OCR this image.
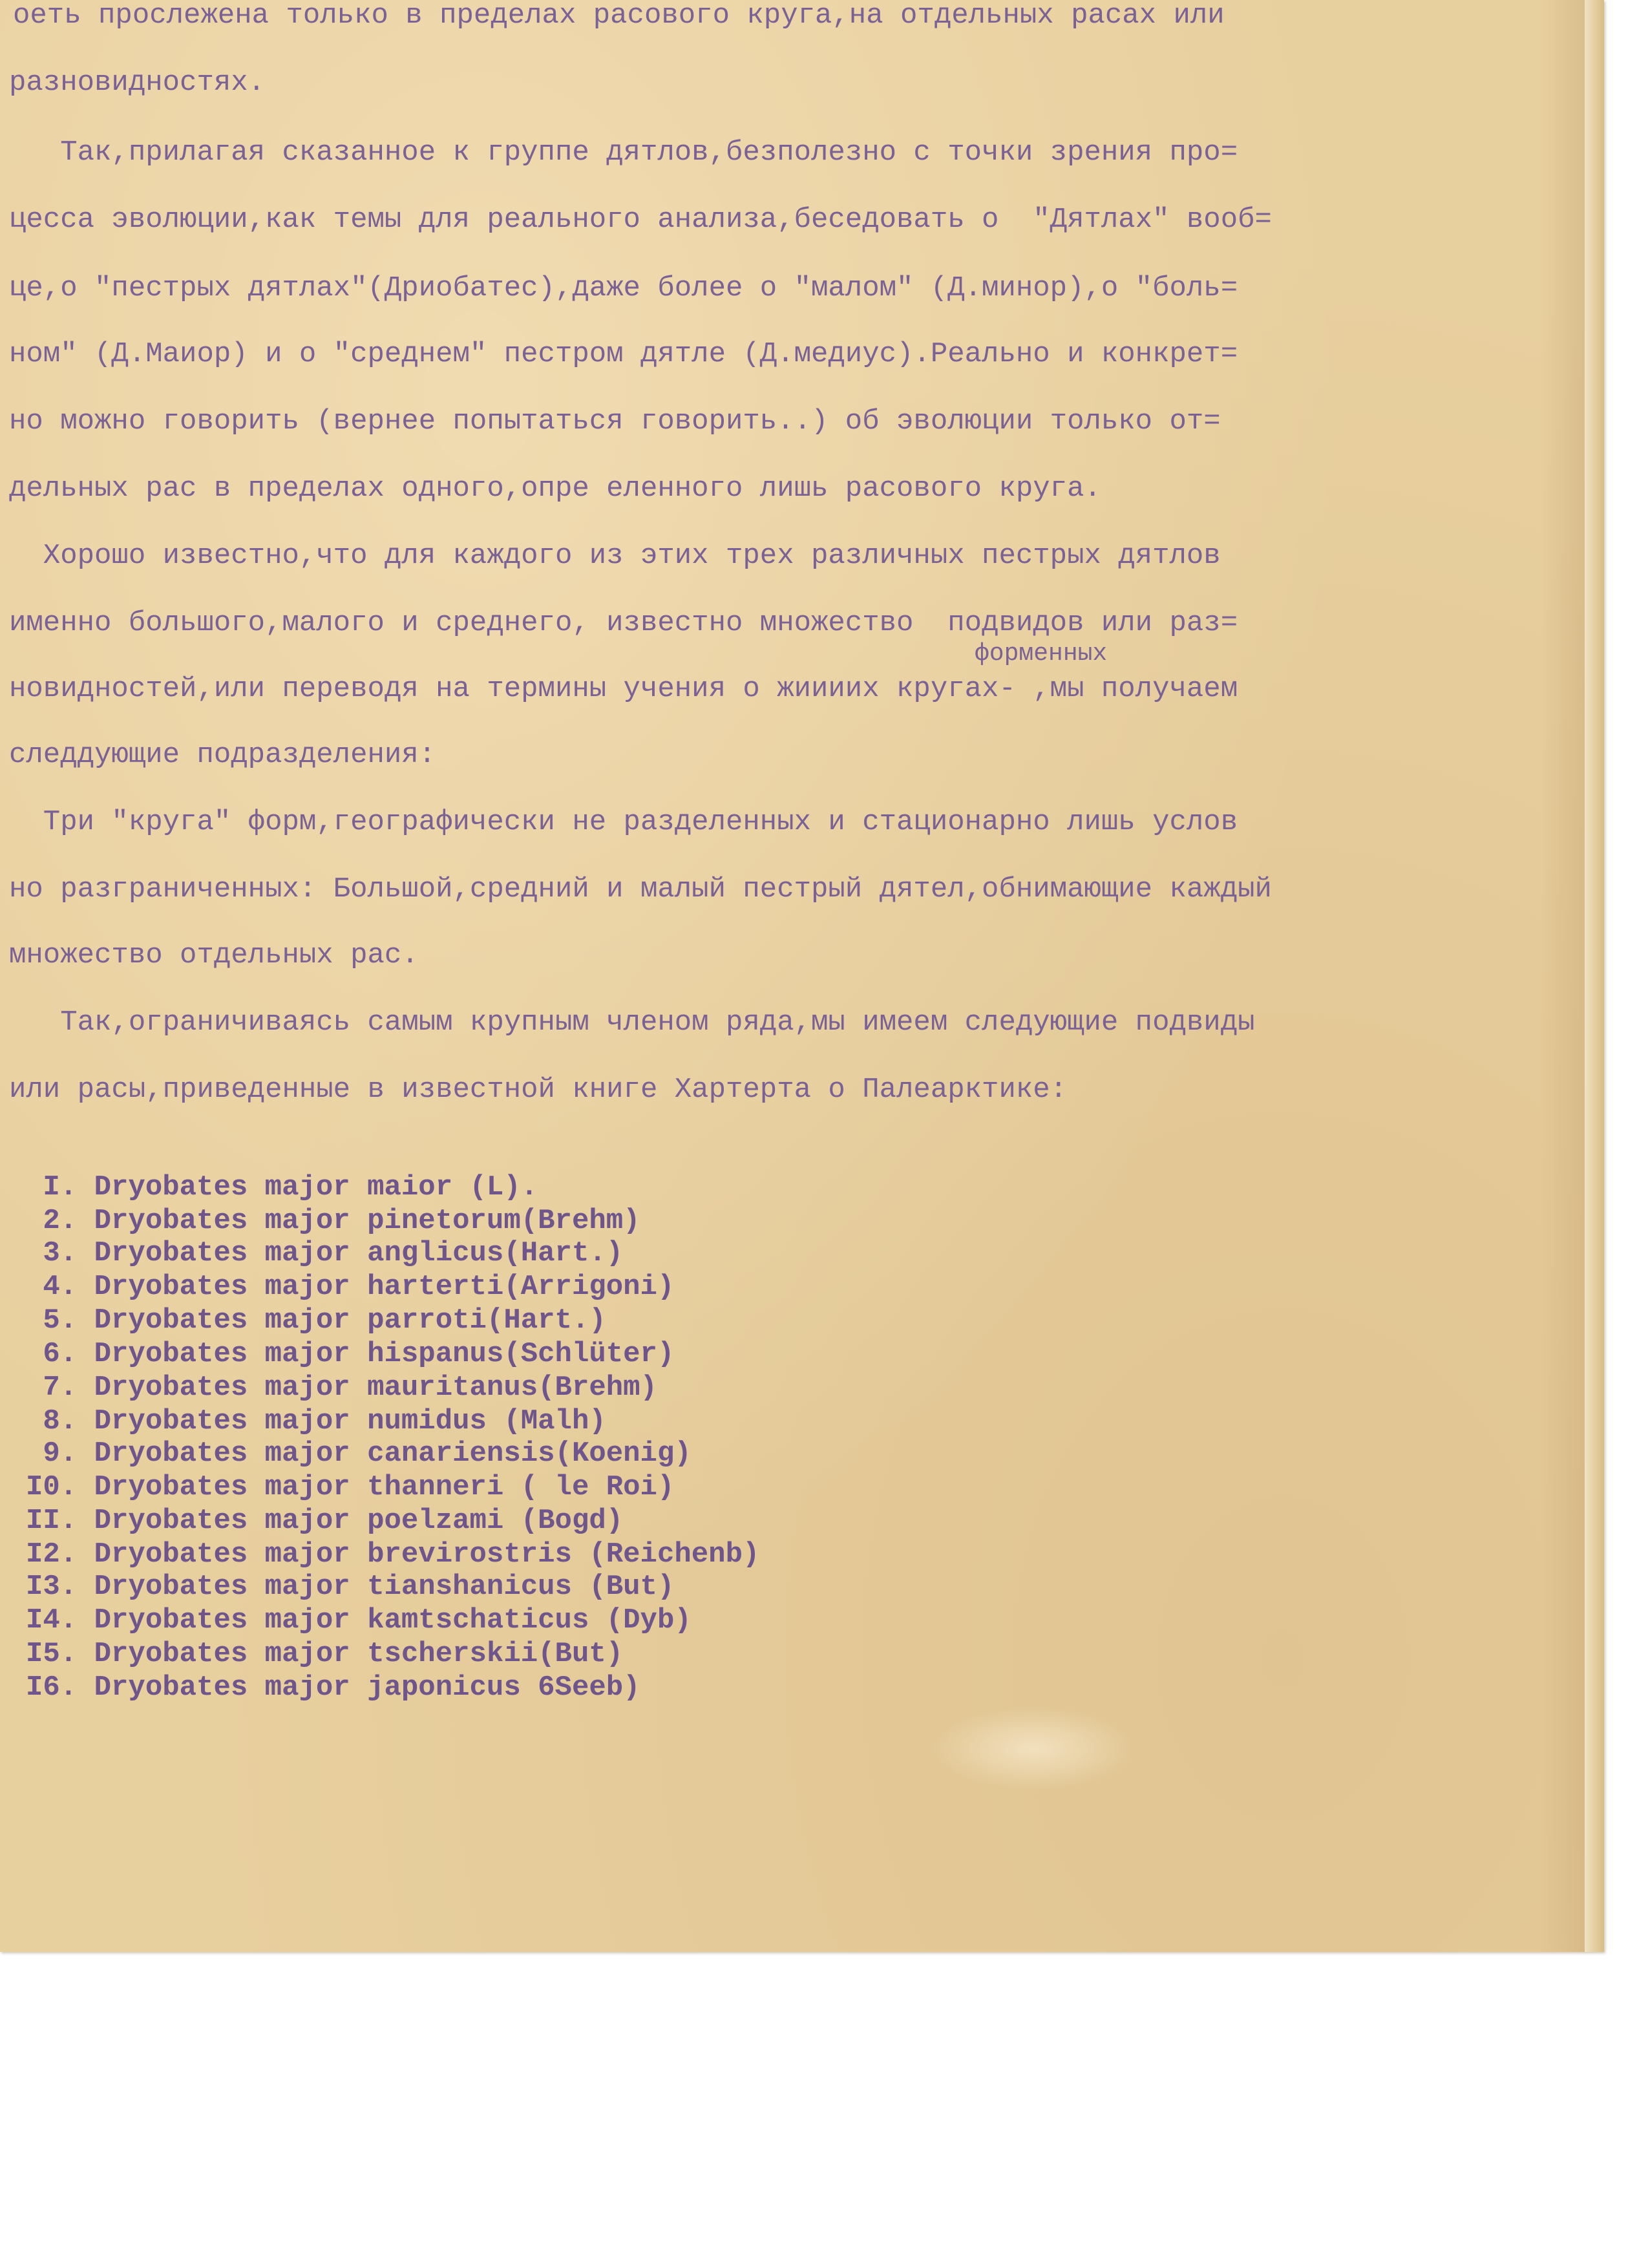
оеть прослежена только в пределах расового круга,на отдельных расах или
разновидностях.
Так,прилагая сказанное к группе дятлов,безполезно с точки зрения про=
цесса эволюции,как темы для реального анализа,беседовать о  "Дятлах" вооб=
це,о "пестрых дятлах"(Дриобатес),даже более о "малом" (Д.минор),о "боль=
ном" (Д.Маиор) и о "среднем" пестром дятле (Д.медиус).Реально и конкрет=
но можно говорить (вернее попытаться говорить..) об эволюции только от=
дельных рас в пределах одного,опре еленного лишь расового круга.
Хорошо известно,что для каждого из этих трех различных пестрых дятлов
именно большого,малого и среднего, известно множество  подвидов или раз=
форменных
новидностей,или переводя на термины учения о жиииих кругах- ,мы получаем
следдующие подразделения:
Три "круга" форм,географически не разделенных и стационарно лишь услов
но разграниченных: Большой,средний и малый пестрый дятел,обнимающие каждый
множество отдельных рас.
Так,ограничиваясь самым крупным членом ряда,мы имеем следующие подвиды
или расы,приведенные в известной книге Хартерта о Палеарктике:
I. Dryobates major maior (L).
2. Dryobates major pinetorum(Brehm)
3. Dryobates major anglicus(Hart.)
4. Dryobates major harterti(Arrigoni)
5. Dryobates major parroti(Hart.)
6. Dryobates major hispanus(Schlüter)
7. Dryobates major mauritanus(Brehm)
8. Dryobates major numidus (Malh)
9. Dryobates major canariensis(Koenig)
I0. Dryobates major thanneri ( le Roi)
II. Dryobates major poelzami (Bogd)
I2. Dryobates major brevirostris (Reichenb)
I3. Dryobates major tianshanicus (But)
I4. Dryobates major kamtschaticus (Dyb)
I5. Dryobates major tscherskii(But)
I6. Dryobates major japonicus 6Seeb)
